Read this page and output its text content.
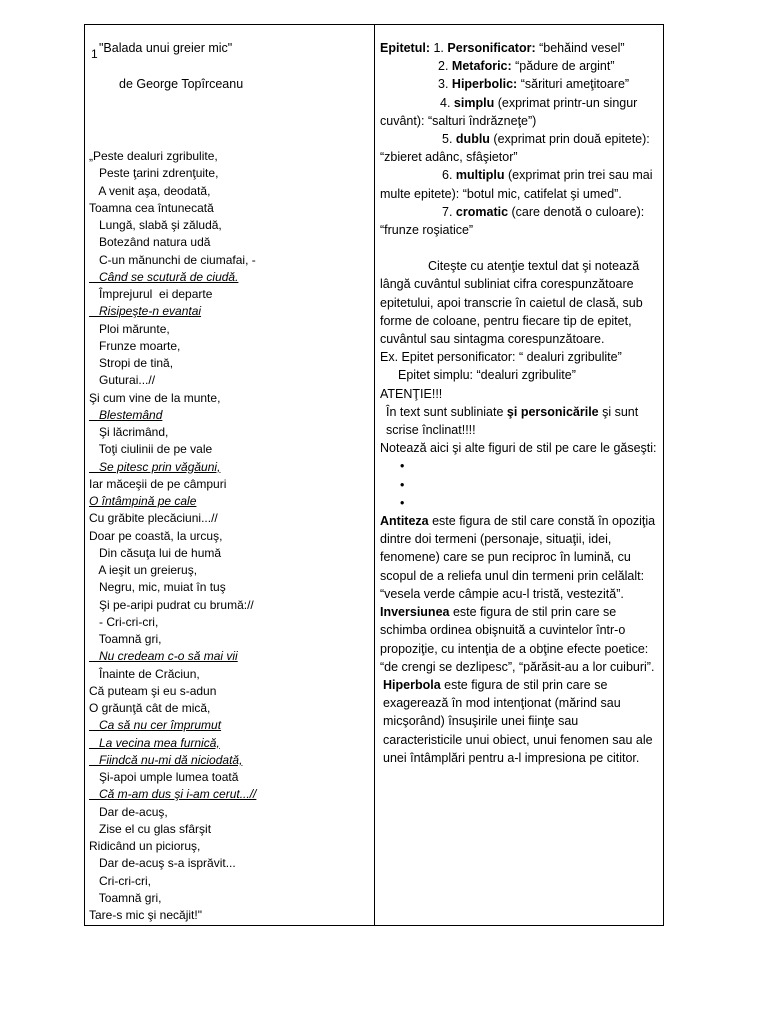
1 "Balada unui greier mic"
de George Topîrceanu
„Peste dealuri zgribulite,
Peste ţarini zdrenţuite,
A venit aşa, deodată,
Toamna cea întunecată
Lungă, slabă şi zăludă,
Botezând natura udă
C-un mănunchi de ciumafai, -
Când se scutură de ciudă.
Împrejurul  ei departe
Risipeşte-n evantai
Ploi mărunte,
Frunze moarte,
Stropi de tină,
Guturai...//
Şi cum vine de la munte,
Blestemând
Şi lăcrimând,
Toţi ciulinii de pe vale
Se pitesc prin văgăuni,
Iar măceşii de pe câmpuri
O întâmpină pe cale
Cu grăbite plecăciuni...//
Doar pe coastă, la urcuş,
Din căsuţa lui de humă
A ieşit un greieruş,
Negru, mic, muiat în tuş
Şi pe-aripi pudrat cu brumă://
- Cri-cri-cri,
Toamnă gri,
Nu credeam c-o să mai vii
Înainte de Crăciun,
Că puteam şi eu s-adun
O grăunţă cât de mică,
Ca să nu cer împrumut
La vecina mea furnică,
Fiindcă nu-mi dă niciodată,
Şi-apoi umple lumea toată
Că m-am dus şi i-am cerut...//
Dar de-acuş,
Zise el cu glas sfârşit
Ridicând un picioruş,
Dar de-acuş s-a isprăvit...
Cri-cri-cri,
Toamnă gri,
Tare-s mic şi necăjit!"

Epitetul: 1. Personificator: “behăind vesel”

2. Metaforic: “pădure de argint”

3. Hiperbolic: “sărituri ameţitoare”

4. simplu (exprimat printr-un singur cuvânt): “salturi îndrăzneţe”)

5. dublu (exprimat prin două epitete): “zbieret adânc, sfâşietor”

6. multiplu (exprimat prin trei sau mai multe epitete): “botul mic, catifelat şi umed”.

7. cromatic (care denotă o culoare): “frunze roşiatice”

Citeşte cu atenţie textul dat şi notează lângă cuvântul subliniat cifra corespunzătoare epitetului, apoi transcrie în caietul de clasă, sub forme de coloane, pentru fiecare tip de epitet, cuvântul sau sintagma corespunzătoare.

Ex. Epitet personificator: “ dealuri zgribulite”

Epitet simplu: “dealuri zgribulite”

ATENŢIE!!!

În text sunt subliniate şi personicările şi sunt scrise înclinat!!!!

Notează aici şi alte figuri de stil pe care le găseşti:

•

•

•

Antiteza este figura de stil care constă în opoziţia dintre doi termeni (personaje, situaţii, idei, fenomene) care se pun reciproc în lumină, cu scopul de a reliefa unul din termeni prin celălalt: “vesela verde câmpie acu-l tristă, vestezită”.

Inversiunea este figura de stil prin care se schimba ordinea obişnuită a cuvintelor într-o propoziţie, cu intenţia de a obţine efecte poetice: “de crengi se dezlipesc”, “părăsit-au a lor cuiburi”.

Hiperbola este figura de stil prin care se exagerează în mod intenţionat (mărind sau micşorând) însuşirile unei fiinţe sau caracteristicile unui obiect, unui fenomen sau ale unei întâmplări pentru a-l impresiona pe cititor.
